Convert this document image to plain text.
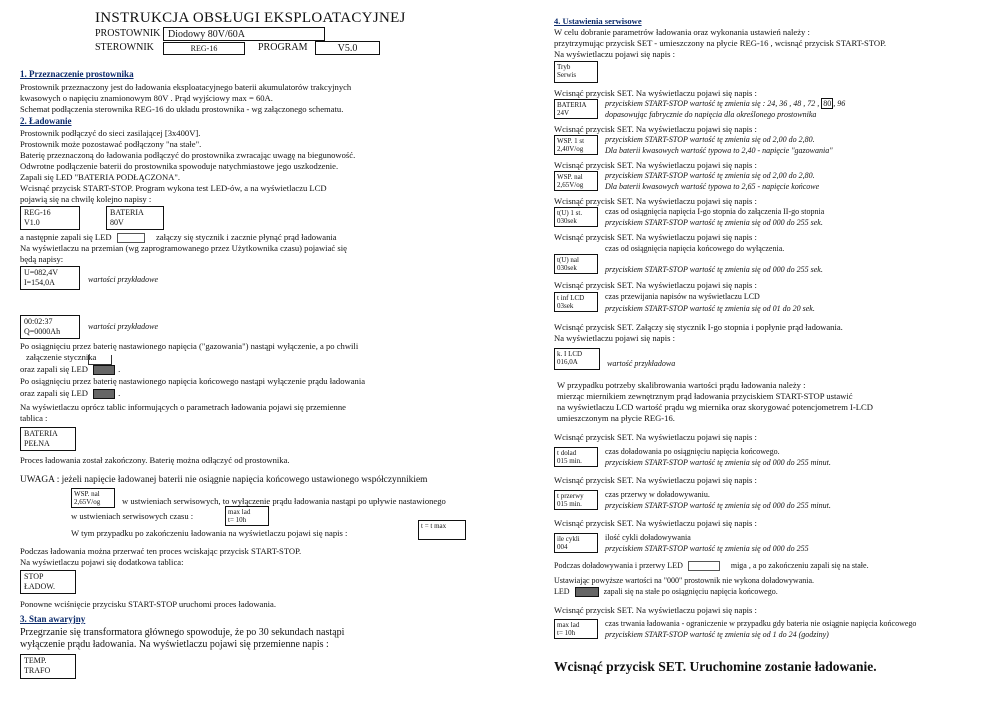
INSTRUKCJA OBSŁUGI EKSPLOATACYJNEJ
PROSTOWNIK Diodowy 80V/60A
STEROWNIK	REG-16	PROGRAM	V5.0
1. Przeznaczenie prostownika
Prostownik przeznaczony jest do ładowania eksploatacyjnego baterii akumulatorów trakcyjnych
kwasowych o napięciu znamionowym 80V . Prąd wyjściowy max = 60A.
Schemat podłączenia sterownika REG-16 do układu prostownika - wg załączonego schematu.
2. Ładowanie
Prostownik podłączyć do sieci zasilającej [3x400V].
Prostownik może pozostawać podłączony "na stałe".
Baterię przeznaczoną do ładowania podłączyć do prostownika zwracając uwagę na biegunowość.
Odwrotne podłączenie baterii do prostownika spowoduje natychmiastowe jego uszkodzenie.
Zapali się LED "BATERIA PODŁĄCZONA".
Wcisnąć przycisk START-STOP. Program wykona test LED-ów, a na wyświetlaczu LCD
pojawią się na chwilę kolejno napisy :
REG-16
V1.0
BATERIA
80V
a następnie zapali się LED	załączy się stycznik i zacznie płynąć prąd ładowania
Na wyświetlaczu na przemian (wg zaprogramowanego przez Użytkownika czasu) pojawiać się
będą napisy:
U=082,4V
I=154,0A	wartości przykładowe
00:02:37
Q=0000Ah	wartości przykładowe
Po osiągnięciu przez baterię nastawionego napięcia ("gazowania") nastąpi wyłączenie, a po chwili
załączenie stycznika
oraz zapali się LED	.
Po osiągnięciu przez baterię nastawionego napięcia końcowego nastąpi wyłączenie prądu ładowania
oraz zapali się LED	.
Na wyświetlaczu oprócz tablic informujących o parametrach ładowania pojawi się przemienne
tablica :
BATERIA
PEŁNA
Proces ładowania został zakończony. Baterię można odłączyć od prostownika.
UWAGA : jeżeli napięcie ładowanej baterii nie osiągnie napięcia końcowego ustawionego współczynnikiem
WSP. nal
2,65V/og	w ustwieniach serwisowych, to wyłączenie prądu ładowania nastąpi po upływie nastawionego
w ustwieniach serwisowych czasu :	max lad
t= 10h
W tym przypadku po zakończeniu ładowania na wyświetlaczu pojawi się napis :
t = t max
Podczas ładowania można przerwać ten proces wciskając przycisk START-STOP.
Na wyświetlaczu pojawi się dodatkowa tablica:
STOP
ŁADOW.
Ponowne wciśnięcie przycisku START-STOP uruchomi proces ładowania.
3. Stan awaryjny
Przegrzanie się transformatora głównego spowoduje, że po 30 sekundach nastąpi
wyłączenie prądu ładowania. Na wyświetlaczu pojawi się przemienne napis :
TEMP.
TRAFO
4. Ustawienia serwisowe
W celu dobranie parametrów ładowania oraz wykonania ustawień należy :
przytrzymując przycisk SET - umieszczony na płycie REG-16 , wcisnąć przycisk START-STOP.
Na wyświetlaczu pojawi się napis :
Tryb
Serwis
Wcisnąć przycisk SET. Na wyświetlaczu pojawi się napis :
BATERIA
24V
przyciskiem START-STOP wartość tę zmienia się : 24, 36 , 48 , 72 , 80 , 96
dopasowując fabrycznie do napięcia dla określonego prostownika
Wcisnąć przycisk SET. Na wyświetlaczu pojawi się napis :
WSP. 1 st
2,40V/og
przyciskiem START-STOP wartość tę zmienia się od 2,00 do 2,80.
Dla baterii kwasowych wartość typowa to 2,40 - napięcie "gazowania"
Wcisnąć przycisk SET. Na wyświetlaczu pojawi się napis :
WSP. nal
2,65V/og
przyciskiem START-STOP wartość tę zmienia się od 2,00 do 2,80.
Dla baterii kwasowych wartość typowa to 2,65 - napięcie końcowe
Wcisnąć przycisk SET. Na wyświetlaczu pojawi się napis :
t(U) 1 st.
030sek
czas od osiągnięcia napięcia I-go stopnia do załączenia II-go stopnia
przyciskiem START-STOP wartość tę zmienia się od 000 do 255 sek.
Wcisnąć przycisk SET. Na wyświetlaczu pojawi się napis :
t(U) nal
030sek
czas od osiągnięcia napięcia końcowego do wyłączenia.
przyciskiem START-STOP wartość tę zmienia się od 000 do 255 sek.
Wcisnąć przycisk SET. Na wyświetlaczu pojawi się napis :
t inf LCD
03sek
czas przewijania napisów na wyświetlaczu LCD
przyciskiem START-STOP wartość tę zmienia się od 01 do 20 sek.
Wcisnąć przycisk SET. Załączy się stycznik I-go stopnia i popłynie prąd ładowania.
Na wyświetlaczu pojawi się napis :
k. I LCD
016,0A	wartość przykładowa
W przypadku potrzeby skalibrowania wartości prądu ładowania należy :
mierząc miernikiem zewnętrznym prąd ładowania przyciskiem START-STOP ustawić
na wyświetlaczu LCD wartość prądu wg miernika oraz skorygować potencjometrem I-LCD
umieszczonym na płycie REG-16.
Wcisnąć przycisk SET. Na wyświetlaczu pojawi się napis :
t dolad
015 min.
czas doładowania po osiągnięciu napięcia końcowego.
przyciskiem START-STOP wartość tę zmienia się od 000 do 255 minut.
Wcisnąć przycisk SET. Na wyświetlaczu pojawi się napis :
t przerwy
015 min.
czas przerwy w doładowywaniu.
przyciskiem START-STOP wartość tę zmienia się od 000 do 255 minut.
Wcisnąć przycisk SET. Na wyświetlaczu pojawi się napis :
ile cykli
004
ilość cykli doładowywania
przyciskiem START-STOP wartość tę zmienia się od 000 do 255
Podczas doładowywania i przerwy LED	miga , a po zakończeniu zapali się na stałe.
Ustawiając powyższe wartości na "000" prostownik nie wykona doładowywania.
LED	zapali się na stałe po osiągnięciu napięcia końcowego.
Wcisnąć przycisk SET. Na wyświetlaczu pojawi się napis :
max lad
t= 10h
czas trwania ładowania - ograniczenie w przypadku gdy bateria nie osiągnie napięcia końcowego
przyciskiem START-STOP wartość tę zmienia się od 1 do 24 (godziny)
Wcisnąć przycisk SET. Uruchomine zostanie ładowanie.
